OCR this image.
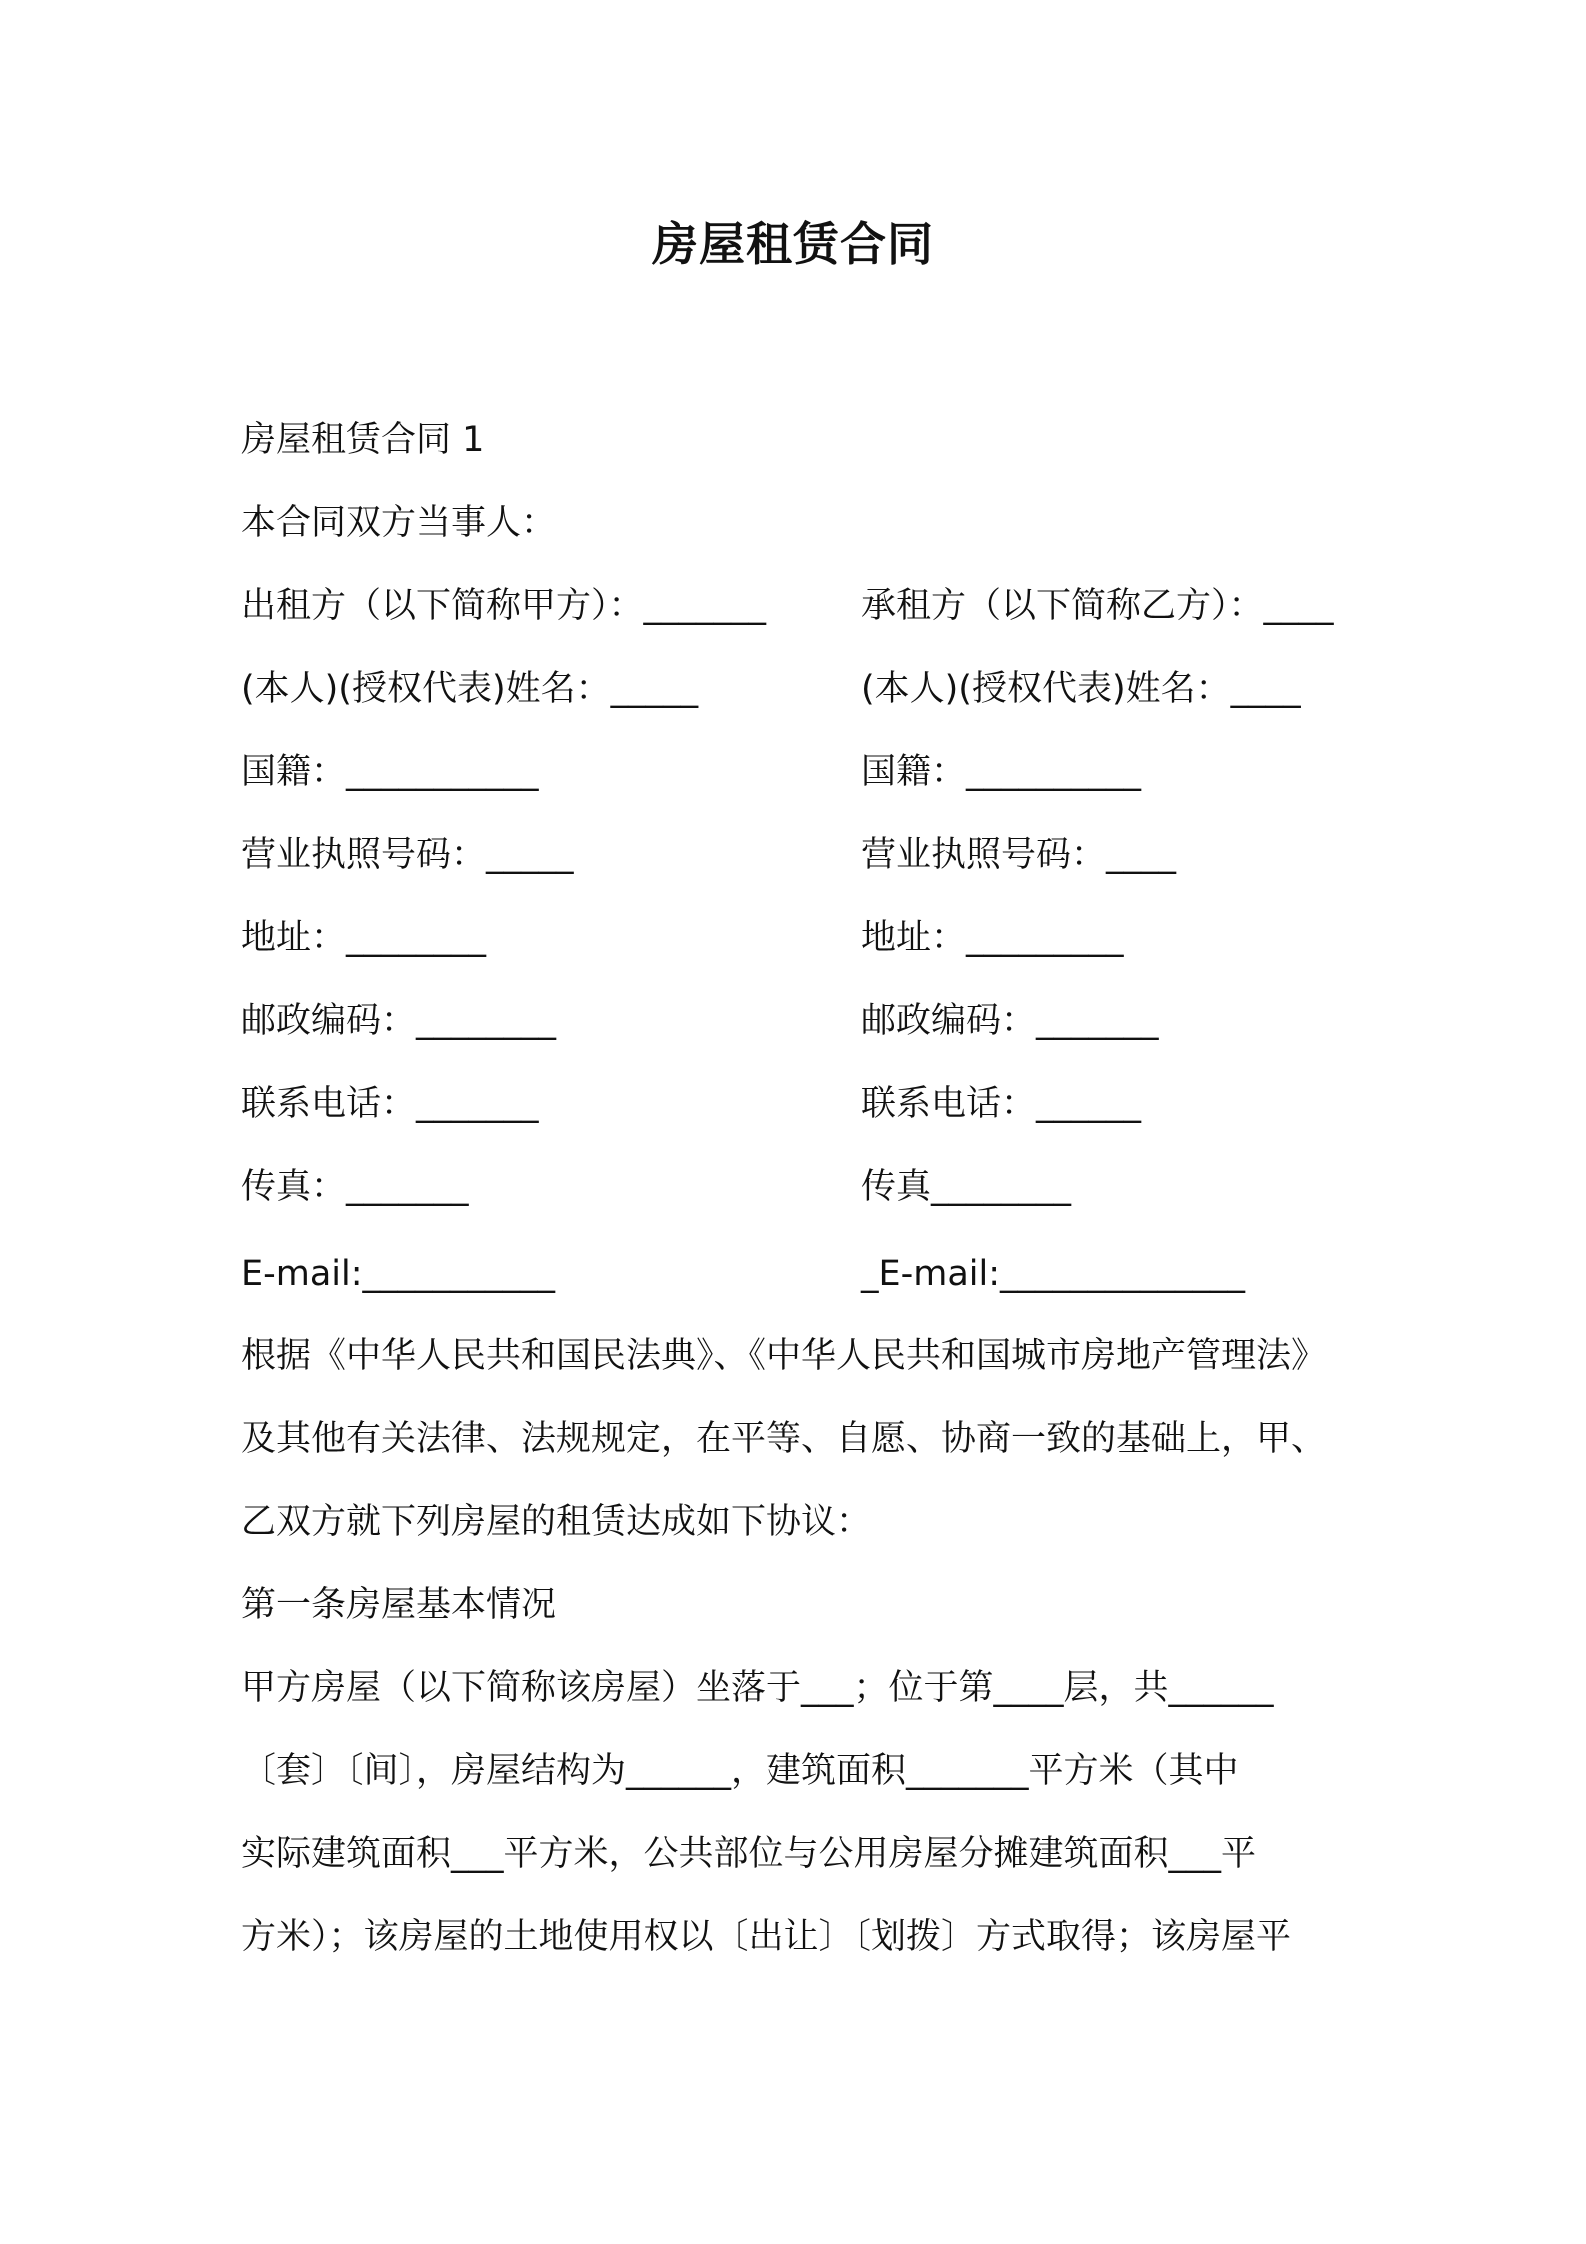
房屋租赁合同

房屋租赁合同 1

本合同双方当事人：

出租方（以下简称甲方）：_______	承租方（以下简称乙方）：____

(本人)(授权代表)姓名：_____	(本人)(授权代表)姓名：____

国籍：___________	国籍：__________

营业执照号码：_____	营业执照号码：____

地址：________	地址：_________

邮政编码：________	邮政编码：_______

联系电话：_______	联系电话：______

传真：_______	传真________

E-mail:___________	_E-mail:______________

根据《中华人民共和国民法典》、《中华人民共和国城市房地产管理法》

及其他有关法律、法规规定，在平等、自愿、协商一致的基础上，甲、

乙双方就下列房屋的租赁达成如下协议：

第一条房屋基本情况

甲方房屋（以下简称该房屋）坐落于___；位于第____层，共______

〔套〕〔间〕，房屋结构为______，建筑面积_______平方米（其中

实际建筑面积___平方米，公共部位与公用房屋分摊建筑面积___平

方米）；该房屋的土地使用权以〔出让〕〔划拨〕方式取得；该房屋平
